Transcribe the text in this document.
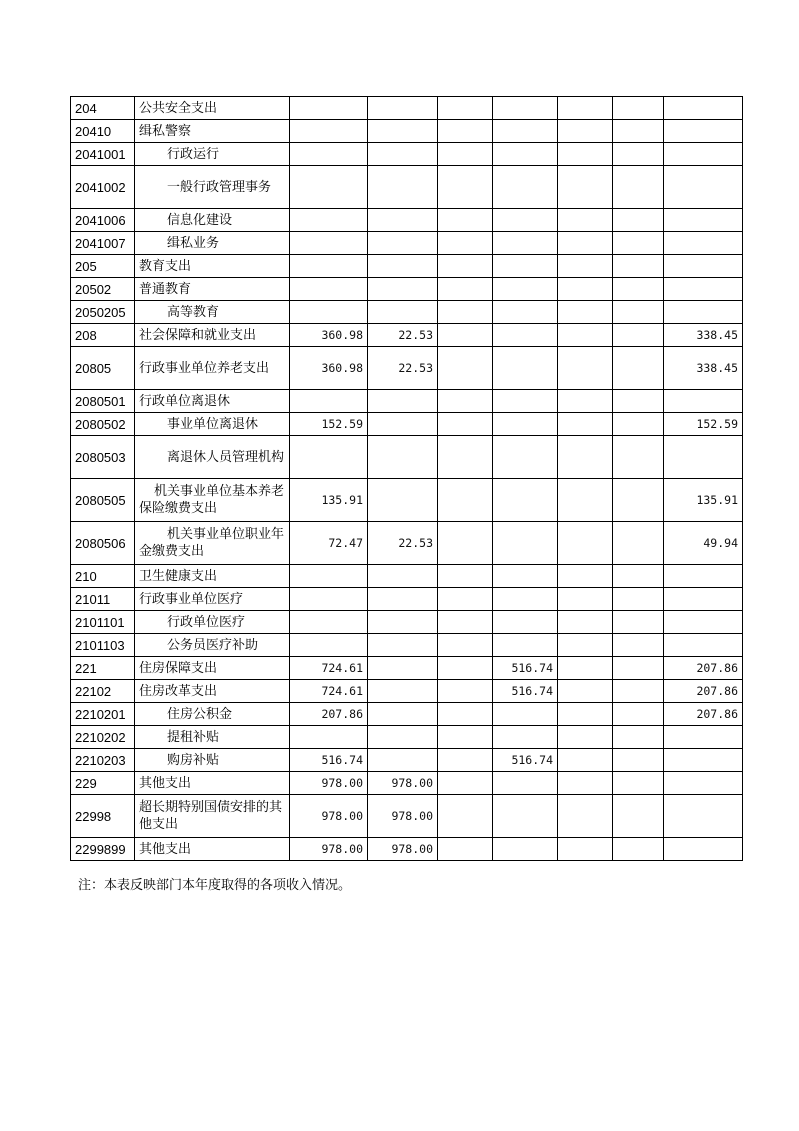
204	公共安全支出							
20410	缉私警察							
2041001	行政运行							
2041002	一般行政管理事务							
2041006	信息化建设							
2041007	缉私业务							
205	教育支出							
20502	普通教育							
2050205	高等教育							
208	社会保障和就业支出	360.98	22.53					338.45
20805	行政事业单位养老支出	360.98	22.53					338.45
2080501	行政单位离退休							
2080502	事业单位离退休	152.59						152.59
2080503	离退休人员管理机构							
2080505	机关事业单位基本养老保险缴费支出	135.91						135.91
2080506	机关事业单位职业年金缴费支出	72.47	22.53					49.94
210	卫生健康支出							
21011	行政事业单位医疗							
2101101	行政单位医疗							
2101103	公务员医疗补助							
221	住房保障支出	724.61			516.74			207.86
22102	住房改革支出	724.61			516.74			207.86
2210201	住房公积金	207.86						207.86
2210202	提租补贴							
2210203	购房补贴	516.74			516.74			
229	其他支出	978.00	978.00					
22998	超长期特别国债安排的其他支出	978.00	978.00					
2299899	其他支出	978.00	978.00					
注：本表反映部门本年度取得的各项收入情况。
